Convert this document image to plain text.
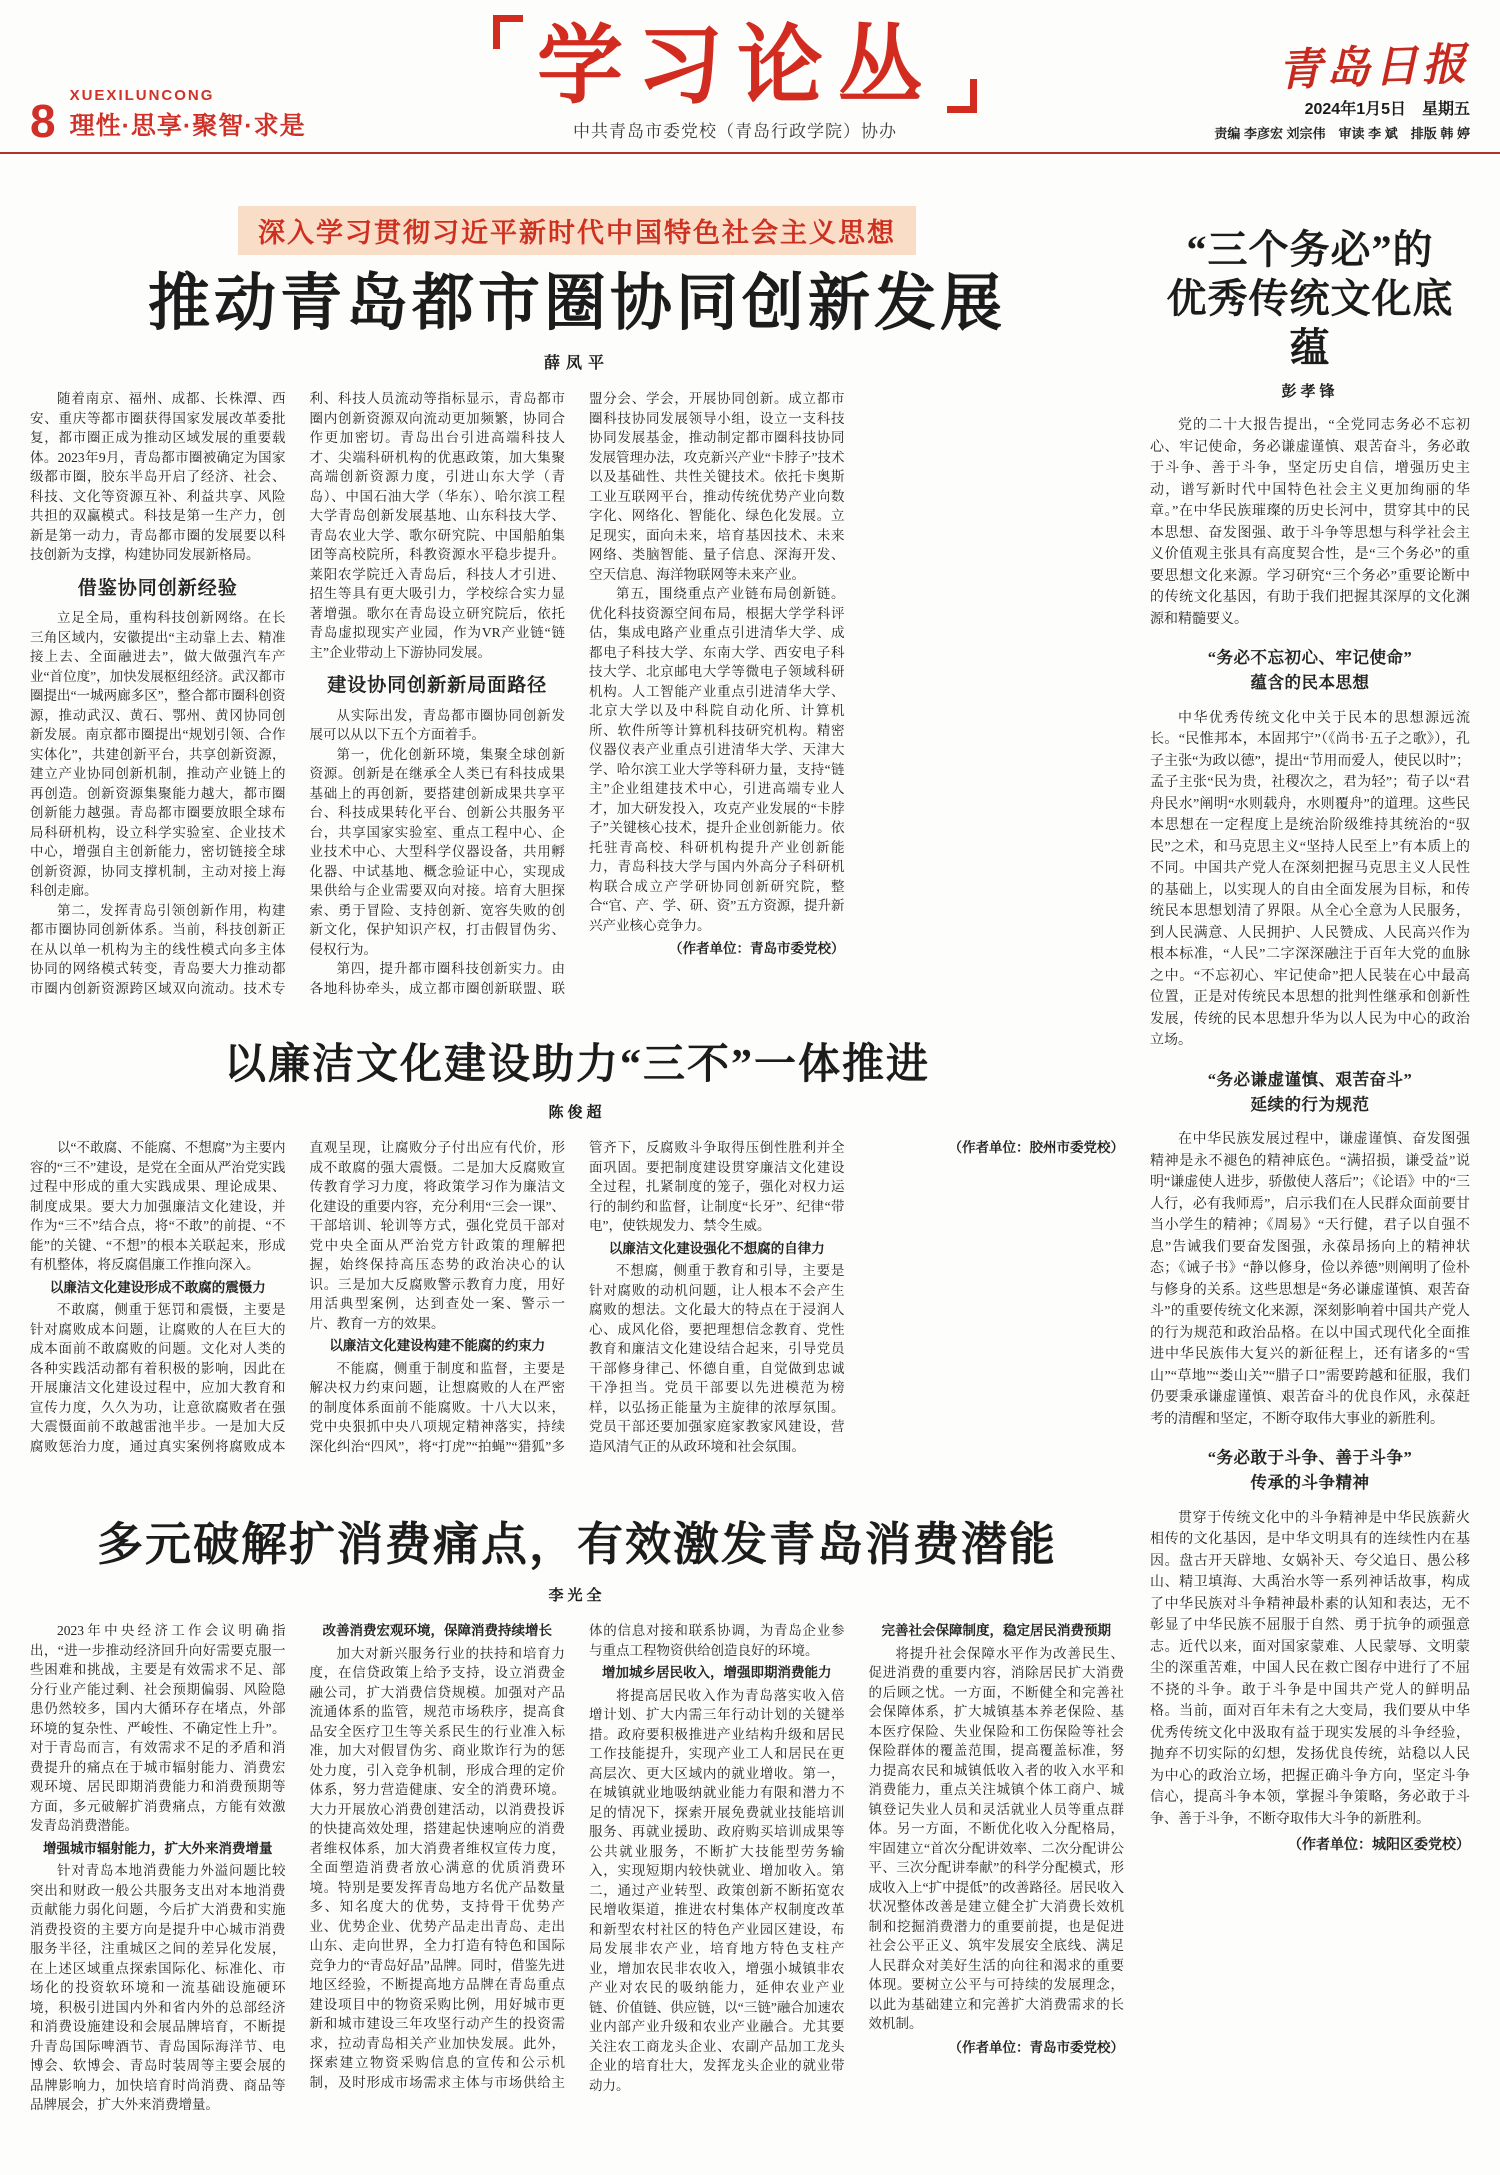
8 XUEXILUNCONG
理性·思享·聚智·求是
学习论丛
中共青岛市委党校（青岛行政学院）协办
青岛日报
2024年1月5日　星期五
责编 李彦宏 刘宗伟　审读 李 斌　排版 韩 婷
深入学习贯彻习近平新时代中国特色社会主义思想
推动青岛都市圈协同创新发展
薛凤平

随着南京、福州、成都、长株潭、西安、重庆等都市圈获得国家发展改革委批复，都市圈正成为推动区域发展的重要载体。2023年9月，青岛都市圈被确定为国家级都市圈，胶东半岛开启了经济、社会、科技、文化等资源互补、利益共享、风险共担的双赢模式。科技是第一生产力，创新是第一动力，青岛都市圈的发展要以科技创新为支撑，构建协同发展新格局。

借鉴协同创新经验

立足全局，重构科技创新网络。在长三角区域内，安徽提出“主动靠上去、精准接上去、全面融进去”，做大做强汽车产业“首位度”，加快发展枢纽经济。武汉都市圈提出“一城两廊多区”，整合都市圈科创资源，推动武汉、黄石、鄂州、黄冈协同创新发展。南京都市圈提出“规划引领、合作实体化”，共建创新平台，共享创新资源，建立产业协同创新机制，推动产业链上的再创造。创新资源集聚能力越大，都市圈创新能力越强。青岛都市圈要放眼全球布局科研机构，设立科学实验室、企业技术中心，增强自主创新能力，密切链接全球创新资源，协同支撑机制，主动对接上海科创走廊。

第二，发挥青岛引领创新作用，构建都市圈协同创新体系。当前，科技创新正在从以单一机构为主的线性模式向多主体协同的网络模式转变，青岛要大力推动都市圈内创新资源跨区域双向流动。技术专利、科技人员流动等指标显示，青岛都市圈内创新资源双向流动更加频繁，协同合作更加密切。青岛出台引进高端科技人才、尖端科研机构的优惠政策，加大集聚高端创新资源力度，引进山东大学（青岛）、中国石油大学（华东）、哈尔滨工程大学青岛创新发展基地、山东科技大学、青岛农业大学、歌尔研究院、中国船舶集团等高校院所，科教资源水平稳步提升。莱阳农学院迁入青岛后，科技人才引进、招生等具有更大吸引力，学校综合实力显著增强。歌尔在青岛设立研究院后，依托青岛虚拟现实产业园，作为VR产业链“链主”企业带动上下游协同发展。

建设协同创新新局面路径

从实际出发，青岛都市圈协同创新发展可以从以下五个方面着手。

第一，优化创新环境，集聚全球创新资源。创新是在继承全人类已有科技成果基础上的再创新，要搭建创新成果共享平台、科技成果转化平台、创新公共服务平台，共享国家实验室、重点工程中心、企业技术中心、大型科学仪器设备，共用孵化器、中试基地、概念验证中心，实现成果供给与企业需要双向对接。培育大胆探索、勇于冒险、支持创新、宽容失败的创新文化，保护知识产权，打击假冒伪劣、侵权行为。

第四，提升都市圈科技创新实力。由各地科协牵头，成立都市圈创新联盟、联盟分会、学会，开展协同创新。成立都市圈科技协同发展领导小组，设立一支科技协同发展基金，推动制定都市圈科技协同发展管理办法，攻克新兴产业“卡脖子”技术以及基础性、共性关键技术。依托卡奥斯工业互联网平台，推动传统优势产业向数字化、网络化、智能化、绿色化发展。立足现实，面向未来，培育基因技术、未来网络、类脑智能、量子信息、深海开发、空天信息、海洋物联网等未来产业。

第五，围绕重点产业链布局创新链。优化科技资源空间布局，根据大学学科评估，集成电路产业重点引进清华大学、成都电子科技大学、东南大学、西安电子科技大学、北京邮电大学等微电子领域科研机构。人工智能产业重点引进清华大学、北京大学以及中科院自动化所、计算机所、软件所等计算机科技研究机构。精密仪器仪表产业重点引进清华大学、天津大学、哈尔滨工业大学等科研力量，支持“链主”企业组建技术中心，引进高端专业人才，加大研发投入，攻克产业发展的“卡脖子”关键核心技术，提升企业创新能力。依托驻青高校、科研机构提升产业创新能力，青岛科技大学与国内外高分子科研机构联合成立产学研协同创新研究院，整合“官、产、学、研、资”五方资源，提升新兴产业核心竞争力。

（作者单位：青岛市委党校）

以廉洁文化建设助力“三不”一体推进
陈俊超

以“不敢腐、不能腐、不想腐”为主要内容的“三不”建设，是党在全面从严治党实践过程中形成的重大实践成果、理论成果、制度成果。要大力加强廉洁文化建设，并作为“三不”结合点，将“不敢”的前提、“不能”的关键、“不想”的根本关联起来，形成有机整体，将反腐倡廉工作推向深入。

以廉洁文化建设形成不敢腐的震慑力

不敢腐，侧重于惩罚和震慑，主要是针对腐败成本问题，让腐败的人在巨大的成本面前不敢腐败的问题。文化对人类的各种实践活动都有着积极的影响，因此在开展廉洁文化建设过程中，应加大教育和宣传力度，久久为功，让意欲腐败者在强大震慑面前不敢越雷池半步。一是加大反腐败惩治力度，通过真实案例将腐败成本直观呈现，让腐败分子付出应有代价，形成不敢腐的强大震慑。二是加大反腐败宣传教育学习力度，将政策学习作为廉洁文化建设的重要内容，充分利用“三会一课”、干部培训、轮训等方式，强化党员干部对党中央全面从严治党方针政策的理解把握，始终保持高压态势的政治决心的认识。三是加大反腐败警示教育力度，用好用活典型案例，达到查处一案、警示一片、教育一方的效果。

以廉洁文化建设构建不能腐的约束力

不能腐，侧重于制度和监督，主要是解决权力约束问题，让想腐败的人在严密的制度体系面前不能腐败。十八大以来，党中央狠抓中央八项规定精神落实，持续深化纠治“四风”，将“打虎”“拍蝇”“猎狐”多管齐下，反腐败斗争取得压倒性胜利并全面巩固。要把制度建设贯穿廉洁文化建设全过程，扎紧制度的笼子，强化对权力运行的制约和监督，让制度“长牙”、纪律“带电”，使铁规发力、禁令生威。

以廉洁文化建设强化不想腐的自律力

不想腐，侧重于教育和引导，主要是针对腐败的动机问题，让人根本不会产生腐败的想法。文化最大的特点在于浸润人心、成风化俗，要把理想信念教育、党性教育和廉洁文化建设结合起来，引导党员干部修身律己、怀德自重，自觉做到忠诚干净担当。党员干部要以先进模范为榜样，以弘扬正能量为主旋律的浓厚氛围。党员干部还要加强家庭家教家风建设，营造风清气正的从政环境和社会氛围。

（作者单位：胶州市委党校）

多元破解扩消费痛点，有效激发青岛消费潜能
李光全

2023年中央经济工作会议明确指出，“进一步推动经济回升向好需要克服一些困难和挑战，主要是有效需求不足、部分行业产能过剩、社会预期偏弱、风险隐患仍然较多，国内大循环存在堵点，外部环境的复杂性、严峻性、不确定性上升”。对于青岛而言，有效需求不足的矛盾和消费提升的痛点在于城市辐射能力、消费宏观环境、居民即期消费能力和消费预期等方面，多元破解扩消费痛点，方能有效激发青岛消费潜能。

增强城市辐射能力，扩大外来消费增量

针对青岛本地消费能力外溢问题比较突出和财政一般公共服务支出对本地消费贡献能力弱化问题，今后扩大消费和实施消费投资的主要方向是提升中心城市消费服务半径，注重城区之间的差异化发展，在上述区域重点探索国际化、标准化、市场化的投资软环境和一流基础设施硬环境，积极引进国内外和省内外的总部经济和消费设施建设和会展品牌培育，不断提升青岛国际啤酒节、青岛国际海洋节、电博会、软博会、青岛时装周等主要会展的品牌影响力，加快培育时尚消费、商品等品牌展会，扩大外来消费增量。

改善消费宏观环境，保障消费持续增长

加大对新兴服务行业的扶持和培育力度，在信贷政策上给予支持，设立消费金融公司，扩大消费信贷规模。加强对产品流通体系的监管，规范市场秩序，提高食品安全医疗卫生等关系民生的行业准入标准，加大对假冒伪劣、商业欺诈行为的惩处力度，引入竞争机制，形成合理的定价体系，努力营造健康、安全的消费环境。大力开展放心消费创建活动，以消费投诉的快捷高效处理，搭建起快速响应的消费者维权体系，加大消费者维权宣传力度，全面塑造消费者放心满意的优质消费环境。特别是要发挥青岛地方名优产品数量多、知名度大的优势，支持骨干优势产业、优势企业、优势产品走出青岛、走出山东、走向世界，全力打造有特色和国际竞争力的“青岛好品”品牌。同时，借鉴先进地区经验，不断提高地方品牌在青岛重点建设项目中的物资采购比例，用好城市更新和城市建设三年攻坚行动产生的投资需求，拉动青岛相关产业加快发展。此外，探索建立物资采购信息的宣传和公示机制，及时形成市场需求主体与市场供给主体的信息对接和联系协调，为青岛企业参与重点工程物资供给创造良好的环境。

增加城乡居民收入，增强即期消费能力

将提高居民收入作为青岛落实收入倍增计划、扩大内需三年行动计划的关键举措。政府要积极推进产业结构升级和居民工作技能提升，实现产业工人和居民在更高层次、更大区域内的就业增收。第一，在城镇就业地吸纳就业能力有限和潜力不足的情况下，探索开展免费就业技能培训服务、再就业援助、政府购买培训成果等公共就业服务，不断扩大技能型劳务输入，实现短期内较快就业、增加收入。第二，通过产业转型、政策创新不断拓宽农民增收渠道，推进农村集体产权制度改革和新型农村社区的特色产业园区建设，布局发展非农产业，培育地方特色支柱产业，增加农民非农收入，增强小城镇非农产业对农民的吸纳能力，延伸农业产业链、价值链、供应链，以“三链”融合加速农业内部产业升级和农业产业融合。尤其要关注农工商龙头企业、农副产品加工龙头企业的培育壮大，发挥龙头企业的就业带动力。

完善社会保障制度，稳定居民消费预期

将提升社会保障水平作为改善民生、促进消费的重要内容，消除居民扩大消费的后顾之忧。一方面，不断健全和完善社会保障体系，扩大城镇基本养老保险、基本医疗保险、失业保险和工伤保险等社会保险群体的覆盖范围，提高覆盖标准，努力提高农民和城镇低收入者的收入水平和消费能力，重点关注城镇个体工商户、城镇登记失业人员和灵活就业人员等重点群体。另一方面，不断优化收入分配格局，牢固建立“首次分配讲效率、二次分配讲公平、三次分配讲奉献”的科学分配模式，形成收入上“扩中提低”的改善路径。居民收入状况整体改善是建立健全扩大消费长效机制和挖掘消费潜力的重要前提，也是促进社会公平正义、筑牢发展安全底线、满足人民群众对美好生活的向往和渴求的重要体现。要树立公平与可持续的发展理念，以此为基础建立和完善扩大消费需求的长效机制。

（作者单位：青岛市委党校）

“三个务必”的
优秀传统文化底蕴
彭孝锋

党的二十大报告提出，“全党同志务必不忘初心、牢记使命，务必谦虚谨慎、艰苦奋斗，务必敢于斗争、善于斗争，坚定历史自信，增强历史主动，谱写新时代中国特色社会主义更加绚丽的华章。”在中华民族璀璨的历史长河中，贯穿其中的民本思想、奋发图强、敢于斗争等思想与科学社会主义价值观主张具有高度契合性，是“三个务必”的重要思想文化来源。学习研究“三个务必”重要论断中的传统文化基因，有助于我们把握其深厚的文化渊源和精髓要义。

“务必不忘初心、牢记使命”
蕴含的民本思想

中华优秀传统文化中关于民本的思想源远流长。“民惟邦本，本固邦宁”（《尚书·五子之歌》），孔子主张“为政以德”，提出“节用而爱人，使民以时”；孟子主张“民为贵，社稷次之，君为轻”；荀子以“君舟民水”阐明“水则载舟，水则覆舟”的道理。这些民本思想在一定程度上是统治阶级维持其统治的“驭民”之术，和马克思主义“坚持人民至上”有本质上的不同。中国共产党人在深刻把握马克思主义人民性的基础上，以实现人的自由全面发展为目标，和传统民本思想划清了界限。从全心全意为人民服务，到人民满意、人民拥护、人民赞成、人民高兴作为根本标准，“人民”二字深深融注于百年大党的血脉之中。“不忘初心、牢记使命”把人民装在心中最高位置，正是对传统民本思想的批判性继承和创新性发展，传统的民本思想升华为以人民为中心的政治立场。

“务必谦虚谨慎、艰苦奋斗”
延续的行为规范

在中华民族发展过程中，谦虚谨慎、奋发图强精神是永不褪色的精神底色。“满招损，谦受益”说明“谦虚使人进步，骄傲使人落后”；《论语》中的“三人行，必有我师焉”，启示我们在人民群众面前要甘当小学生的精神；《周易》“天行健，君子以自强不息”告诫我们要奋发图强，永葆昂扬向上的精神状态；《诫子书》“静以修身，俭以养德”则阐明了俭朴与修身的关系。这些思想是“务必谦虚谨慎、艰苦奋斗”的重要传统文化来源，深刻影响着中国共产党人的行为规范和政治品格。在以中国式现代化全面推进中华民族伟大复兴的新征程上，还有诸多的“雪山”“草地”“娄山关”“腊子口”需要跨越和征服，我们仍要秉承谦虚谨慎、艰苦奋斗的优良作风，永葆赶考的清醒和坚定，不断夺取伟大事业的新胜利。

“务必敢于斗争、善于斗争”
传承的斗争精神

贯穿于传统文化中的斗争精神是中华民族薪火相传的文化基因，是中华文明具有的连续性内在基因。盘古开天辟地、女娲补天、夸父追日、愚公移山、精卫填海、大禹治水等一系列神话故事，构成了中华民族对斗争精神最朴素的认知和表达，无不彰显了中华民族不屈服于自然、勇于抗争的顽强意志。近代以来，面对国家蒙难、人民蒙辱、文明蒙尘的深重苦难，中国人民在救亡图存中进行了不屈不挠的斗争。敢于斗争是中国共产党人的鲜明品格。当前，面对百年未有之大变局，我们要从中华优秀传统文化中汲取有益于现实发展的斗争经验，抛弃不切实际的幻想，发扬优良传统，站稳以人民为中心的政治立场，把握正确斗争方向，坚定斗争信心，提高斗争本领，掌握斗争策略，务必敢于斗争、善于斗争，不断夺取伟大斗争的新胜利。

（作者单位：城阳区委党校）
